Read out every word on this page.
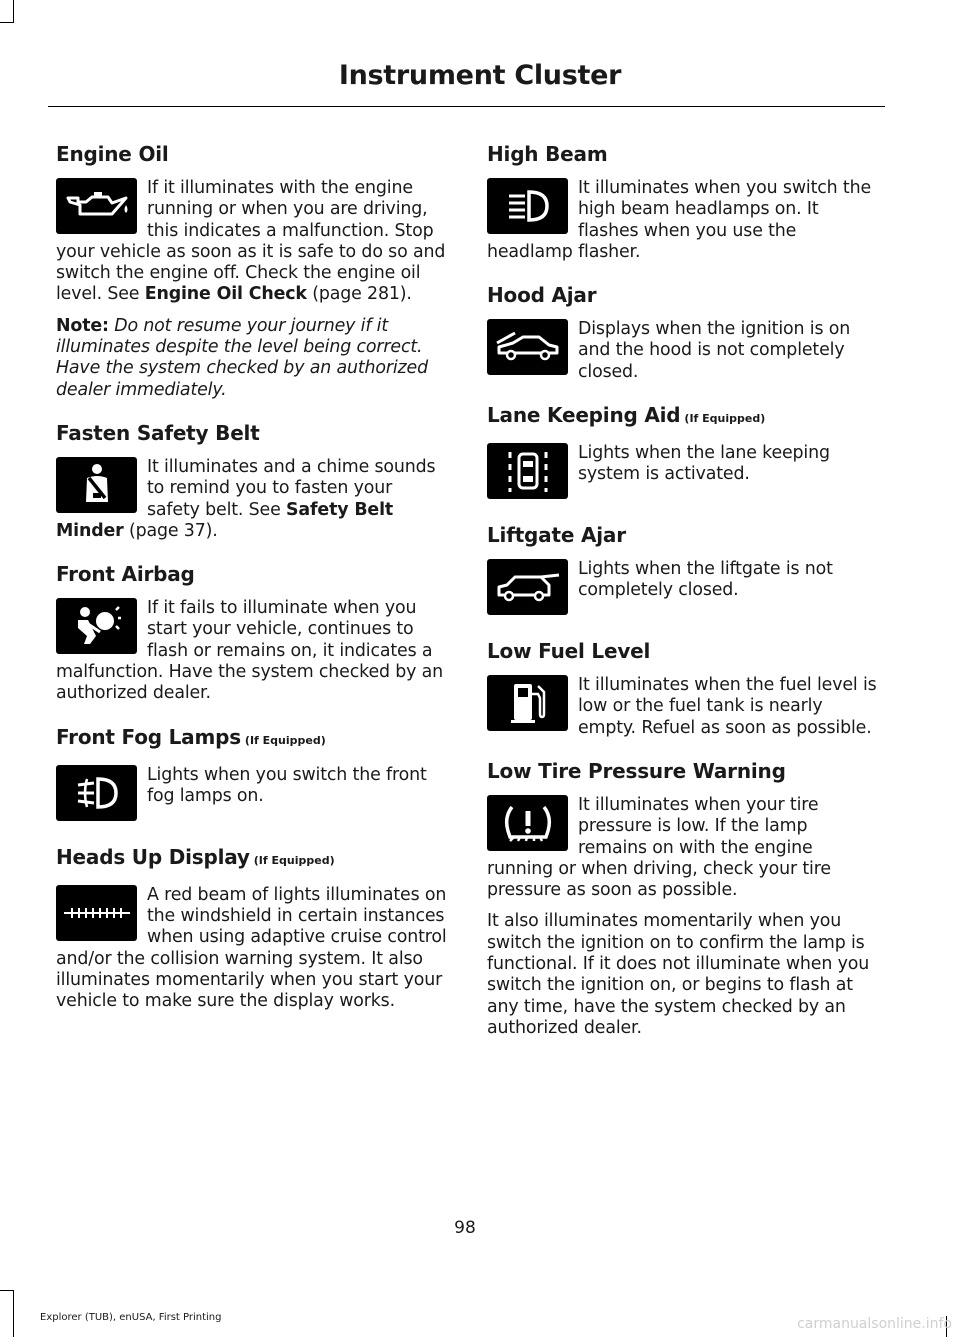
Instrument Cluster
Engine Oil

If it illuminates with the engine running or when you are driving, this indicates a malfunction. Stop your vehicle as soon as it is safe to do so and switch the engine off. Check the engine oil level. See Engine Oil Check (page 281).

Note: Do not resume your journey if it illuminates despite the level being correct. Have the system checked by an authorized dealer immediately.

Fasten Safety Belt

It illuminates and a chime sounds to remind you to fasten your safety belt. See Safety Belt Minder (page 37).

Front Airbag

If it fails to illuminate when you start your vehicle, continues to flash or remains on, it indicates a malfunction. Have the system checked by an authorized dealer.

Front Fog Lamps (If Equipped)

Lights when you switch the front fog lamps on.

Heads Up Display (If Equipped)

A red beam of lights illuminates on the windshield in certain instances when using adaptive cruise control and/or the collision warning system. It also illuminates momentarily when you start your vehicle to make sure the display works.

High Beam

It illuminates when you switch the high beam headlamps on. It flashes when you use the headlamp flasher.

Hood Ajar

Displays when the ignition is on and the hood is not completely closed.

Lane Keeping Aid (If Equipped)

Lights when the lane keeping system is activated.

Liftgate Ajar

Lights when the liftgate is not completely closed.

Low Fuel Level

It illuminates when the fuel level is low or the fuel tank is nearly empty. Refuel as soon as possible.

Low Tire Pressure Warning

It illuminates when your tire pressure is low. If the lamp remains on with the engine running or when driving, check your tire pressure as soon as possible.

It also illuminates momentarily when you switch the ignition on to confirm the lamp is functional. If it does not illuminate when you switch the ignition on, or begins to flash at any time, have the system checked by an authorized dealer.

98
Explorer (TUB), enUSA, First Printing	carmanualsonline.info
